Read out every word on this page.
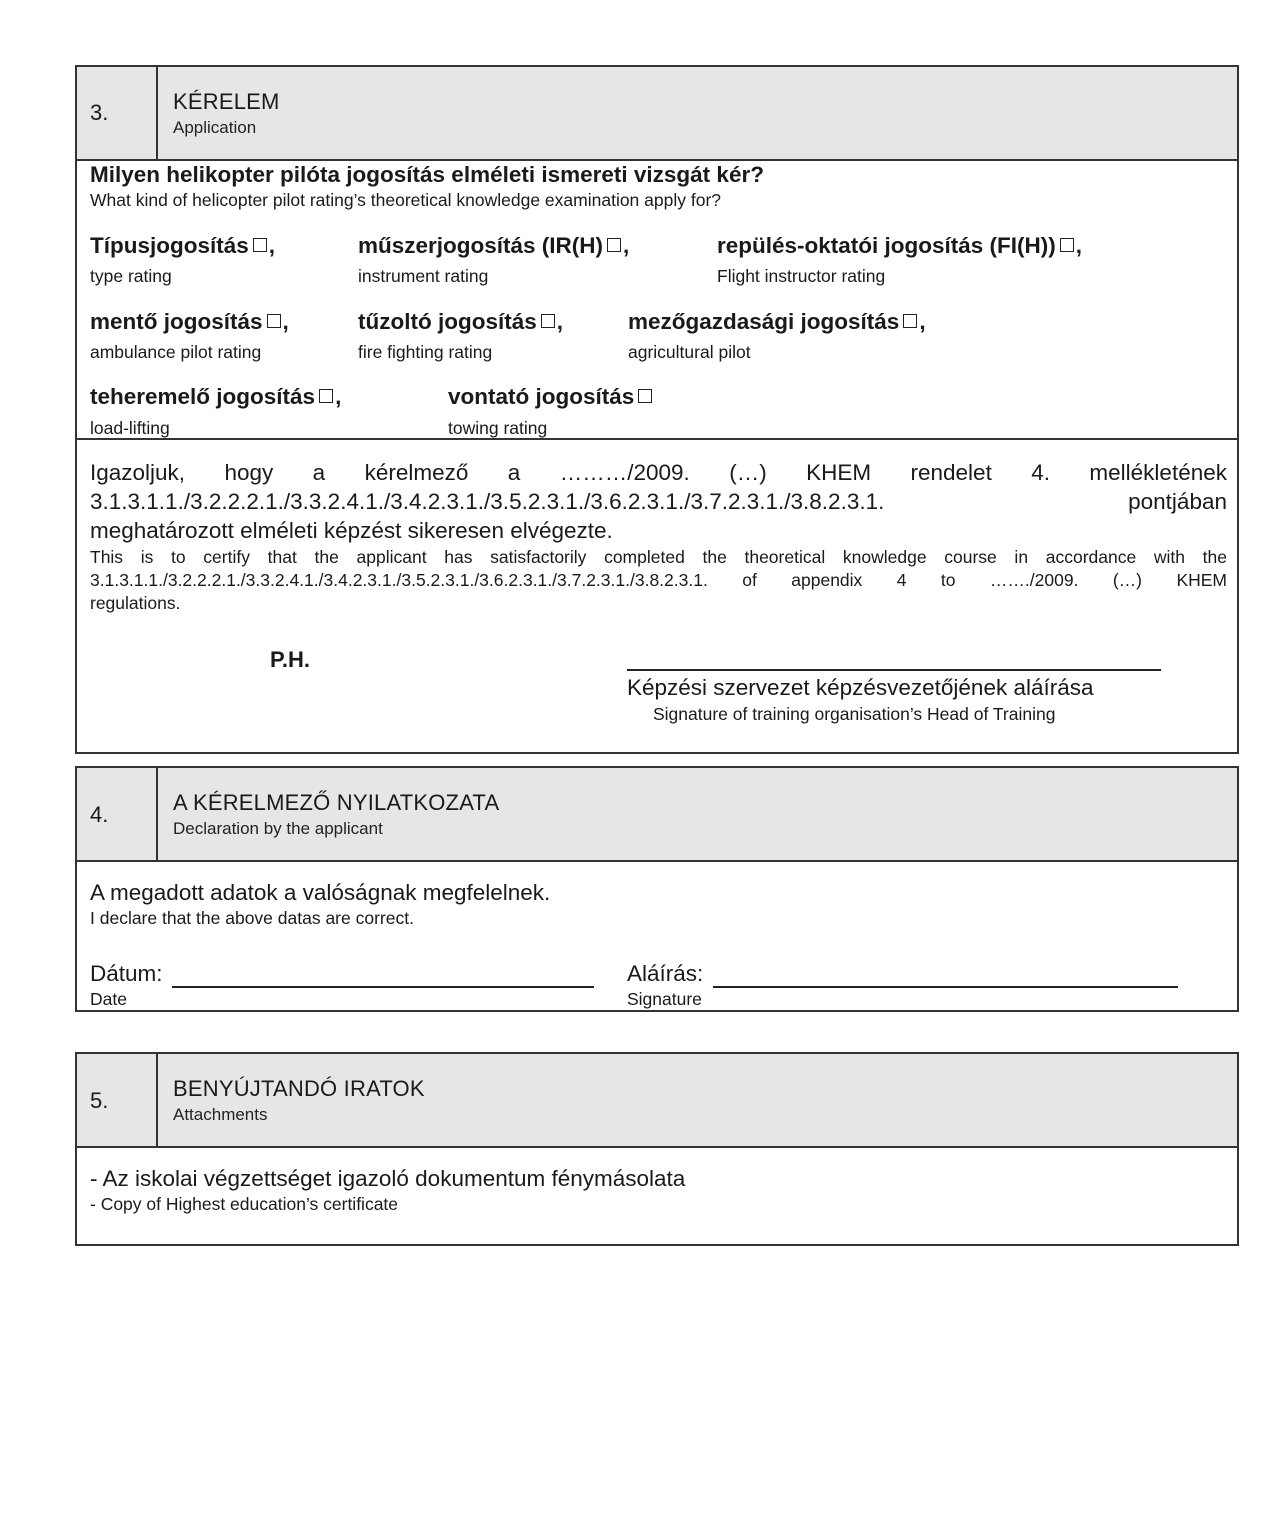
3.	KÉRELEM
Application
Milyen helikopter pilóta jogosítás elméleti ismereti vizsgát kér?
What kind of helicopter pilot rating’s theoretical knowledge examination apply for?
Típusjogosítás ,
type rating
műszerjogosítás (IR(H) ,
instrument rating
repülés-oktatói jogosítás (FI(H)) ,
Flight instructor rating
mentő jogosítás ,
ambulance pilot rating
tűzoltó jogosítás ,
fire fighting rating
mezőgazdasági jogosítás ,
agricultural pilot
teheremelő jogosítás ,
load-lifting
vontató jogosítás
towing rating
Igazoljuk, hogy a kérelmező a ………/2009. (…) KHEM rendelet 4. mellékletének
3.1.3.1.1./3.2.2.2.1./3.3.2.4.1./3.4.2.3.1./3.5.2.3.1./3.6.2.3.1./3.7.2.3.1./3.8.2.3.1. pontjában
meghatározott elméleti képzést sikeresen elvégezte.
This is to certify that the applicant has satisfactorily completed the theoretical knowledge course in accordance with the
3.1.3.1.1./3.2.2.2.1./3.3.2.4.1./3.4.2.3.1./3.5.2.3.1./3.6.2.3.1./3.7.2.3.1./3.8.2.3.1. of appendix 4 to ……./2009. (…) KHEM
regulations.
P.H.
Képzési szervezet képzésvezetőjének aláírása
Signature of training organisation’s Head of Training
4.	A KÉRELMEZŐ NYILATKOZATA
Declaration by the applicant
A megadott adatok a valóságnak megfelelnek.
I declare that the above datas are correct.
Dátum:
Date
Aláírás:
Signature
5.	BENYÚJTANDÓ IRATOK
Attachments
- Az iskolai végzettséget igazoló dokumentum fénymásolata
- Copy of Highest education’s certificate
